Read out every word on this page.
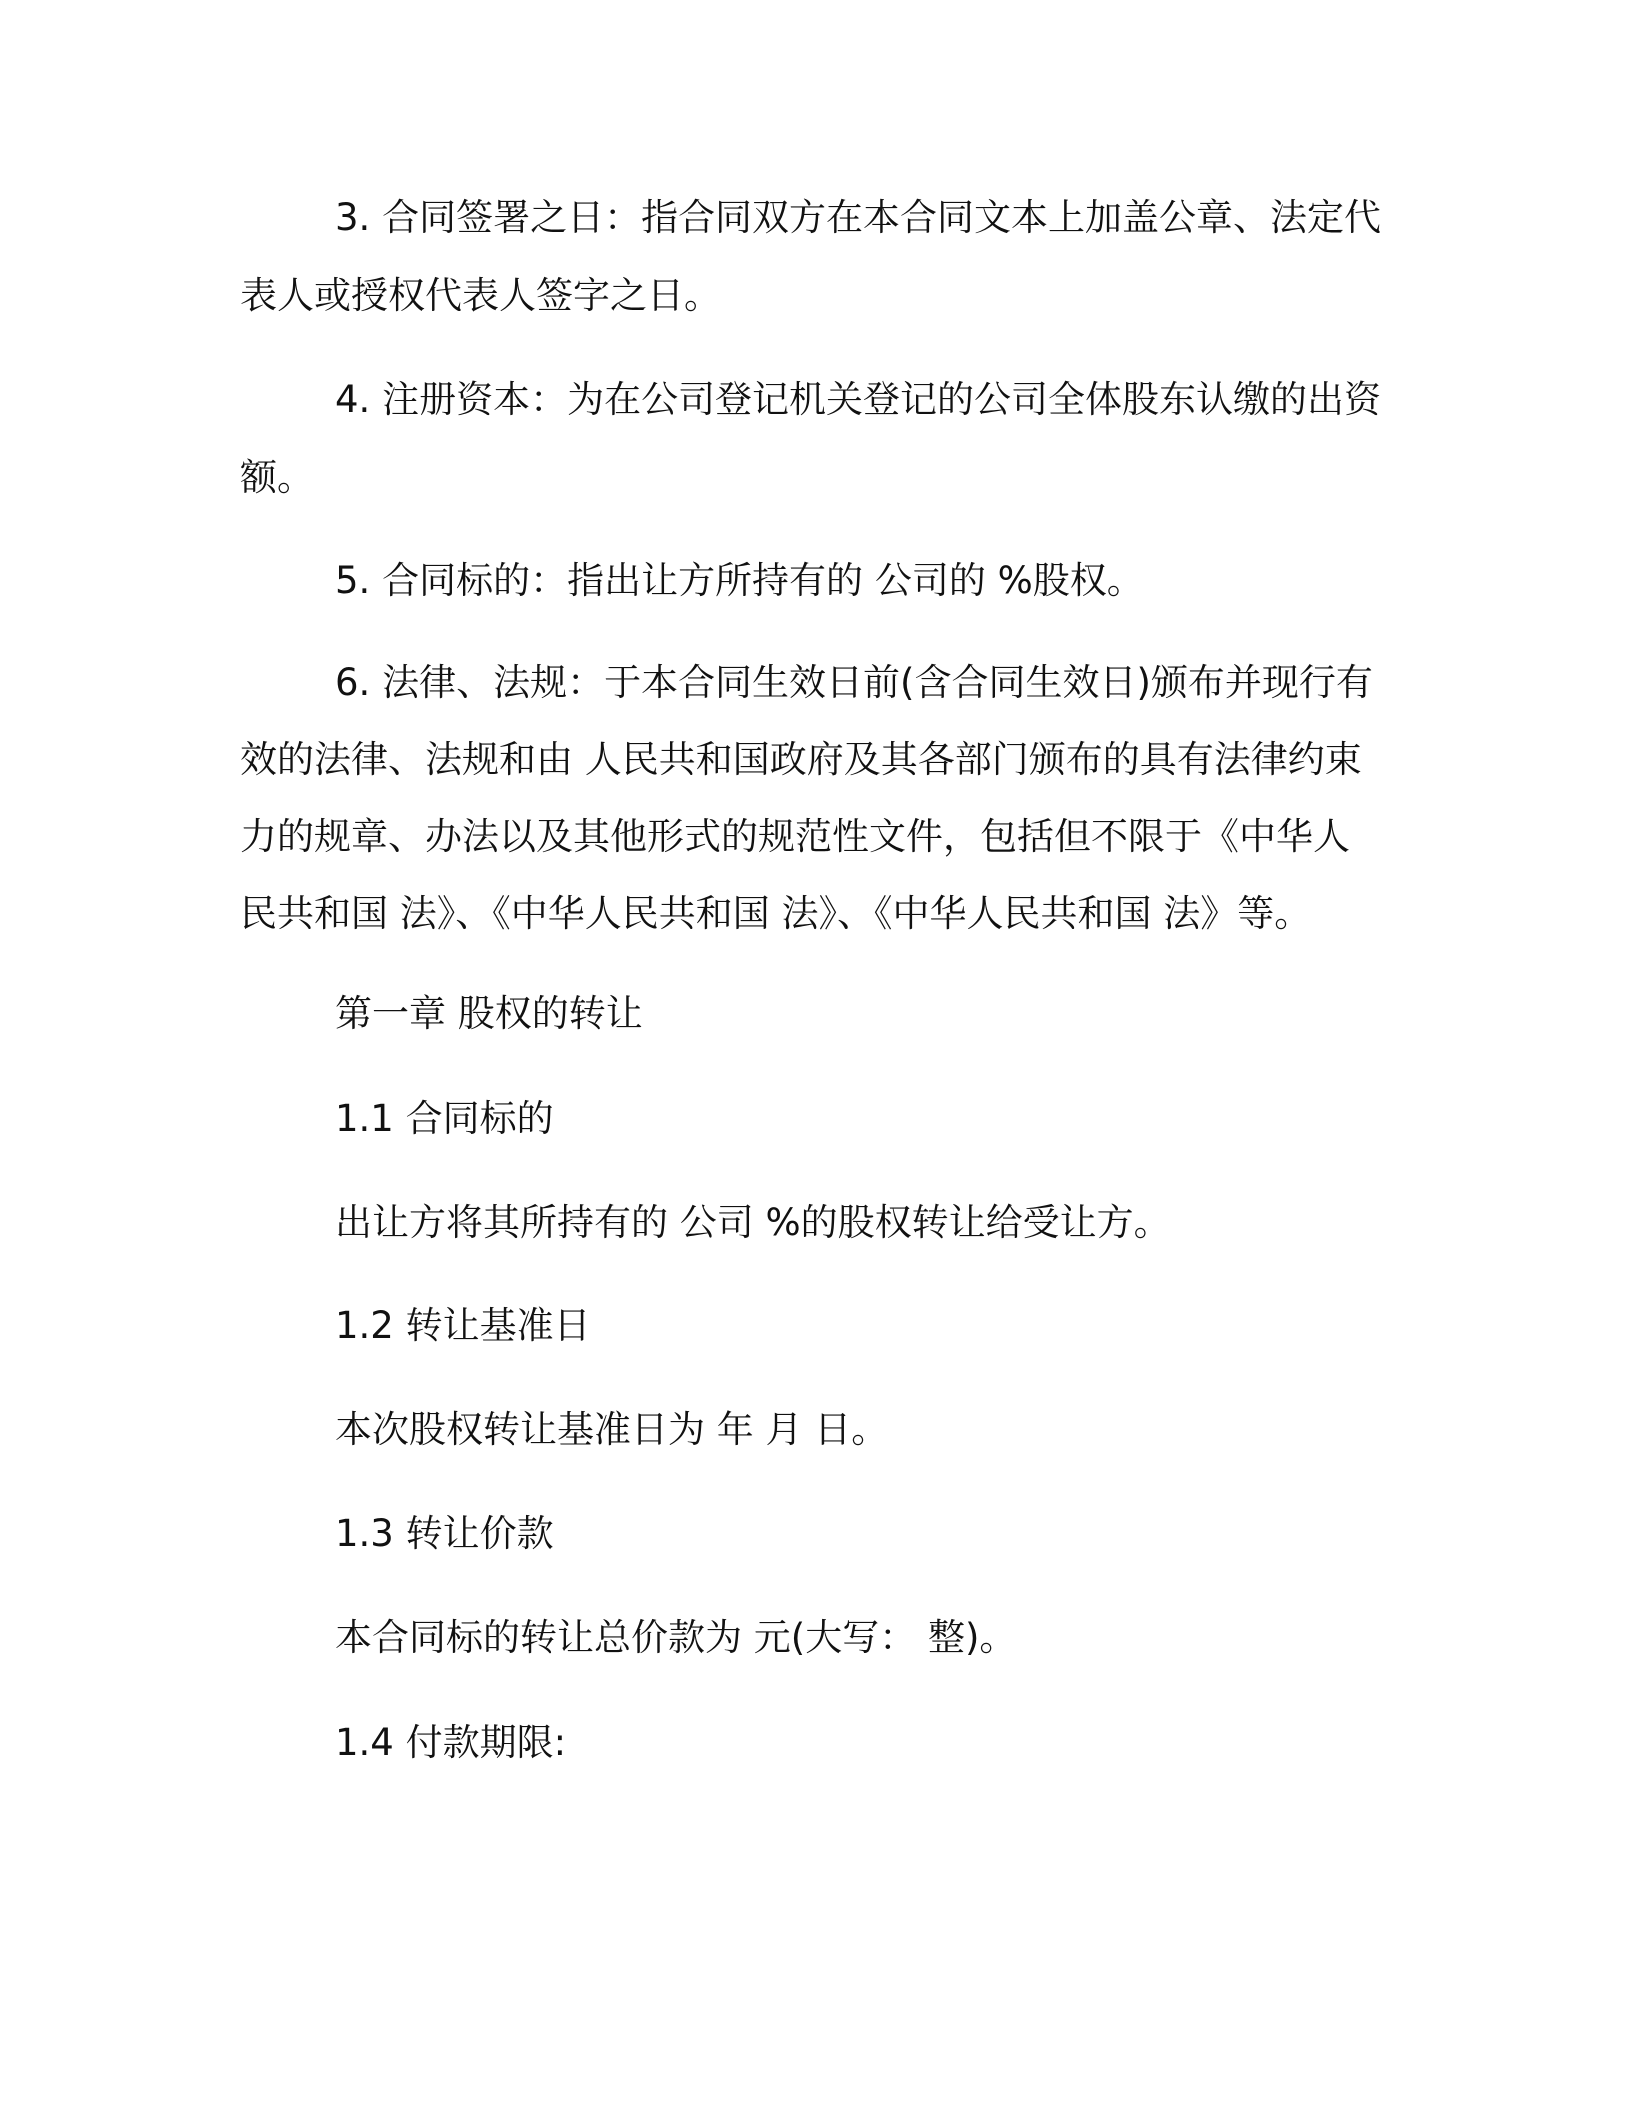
3. 合同签署之日：指合同双方在本合同文本上加盖公章、法定代
表人或授权代表人签字之日。
4. 注册资本：为在公司登记机关登记的公司全体股东认缴的出资
额。
5. 合同标的：指出让方所持有的 公司的 %股权。
6. 法律、法规：于本合同生效日前(含合同生效日)颁布并现行有
效的法律、法规和由 人民共和国政府及其各部门颁布的具有法律约束
力的规章、办法以及其他形式的规范性文件，包括但不限于《中华人
民共和国 法》、《中华人民共和国 法》、《中华人民共和国 法》等。
第一章 股权的转让
1.1 合同标的
出让方将其所持有的 公司 %的股权转让给受让方。
1.2 转让基准日
本次股权转让基准日为 年 月 日。
1.3 转让价款
本合同标的转让总价款为 元(大写： 整)。
1.4 付款期限:
